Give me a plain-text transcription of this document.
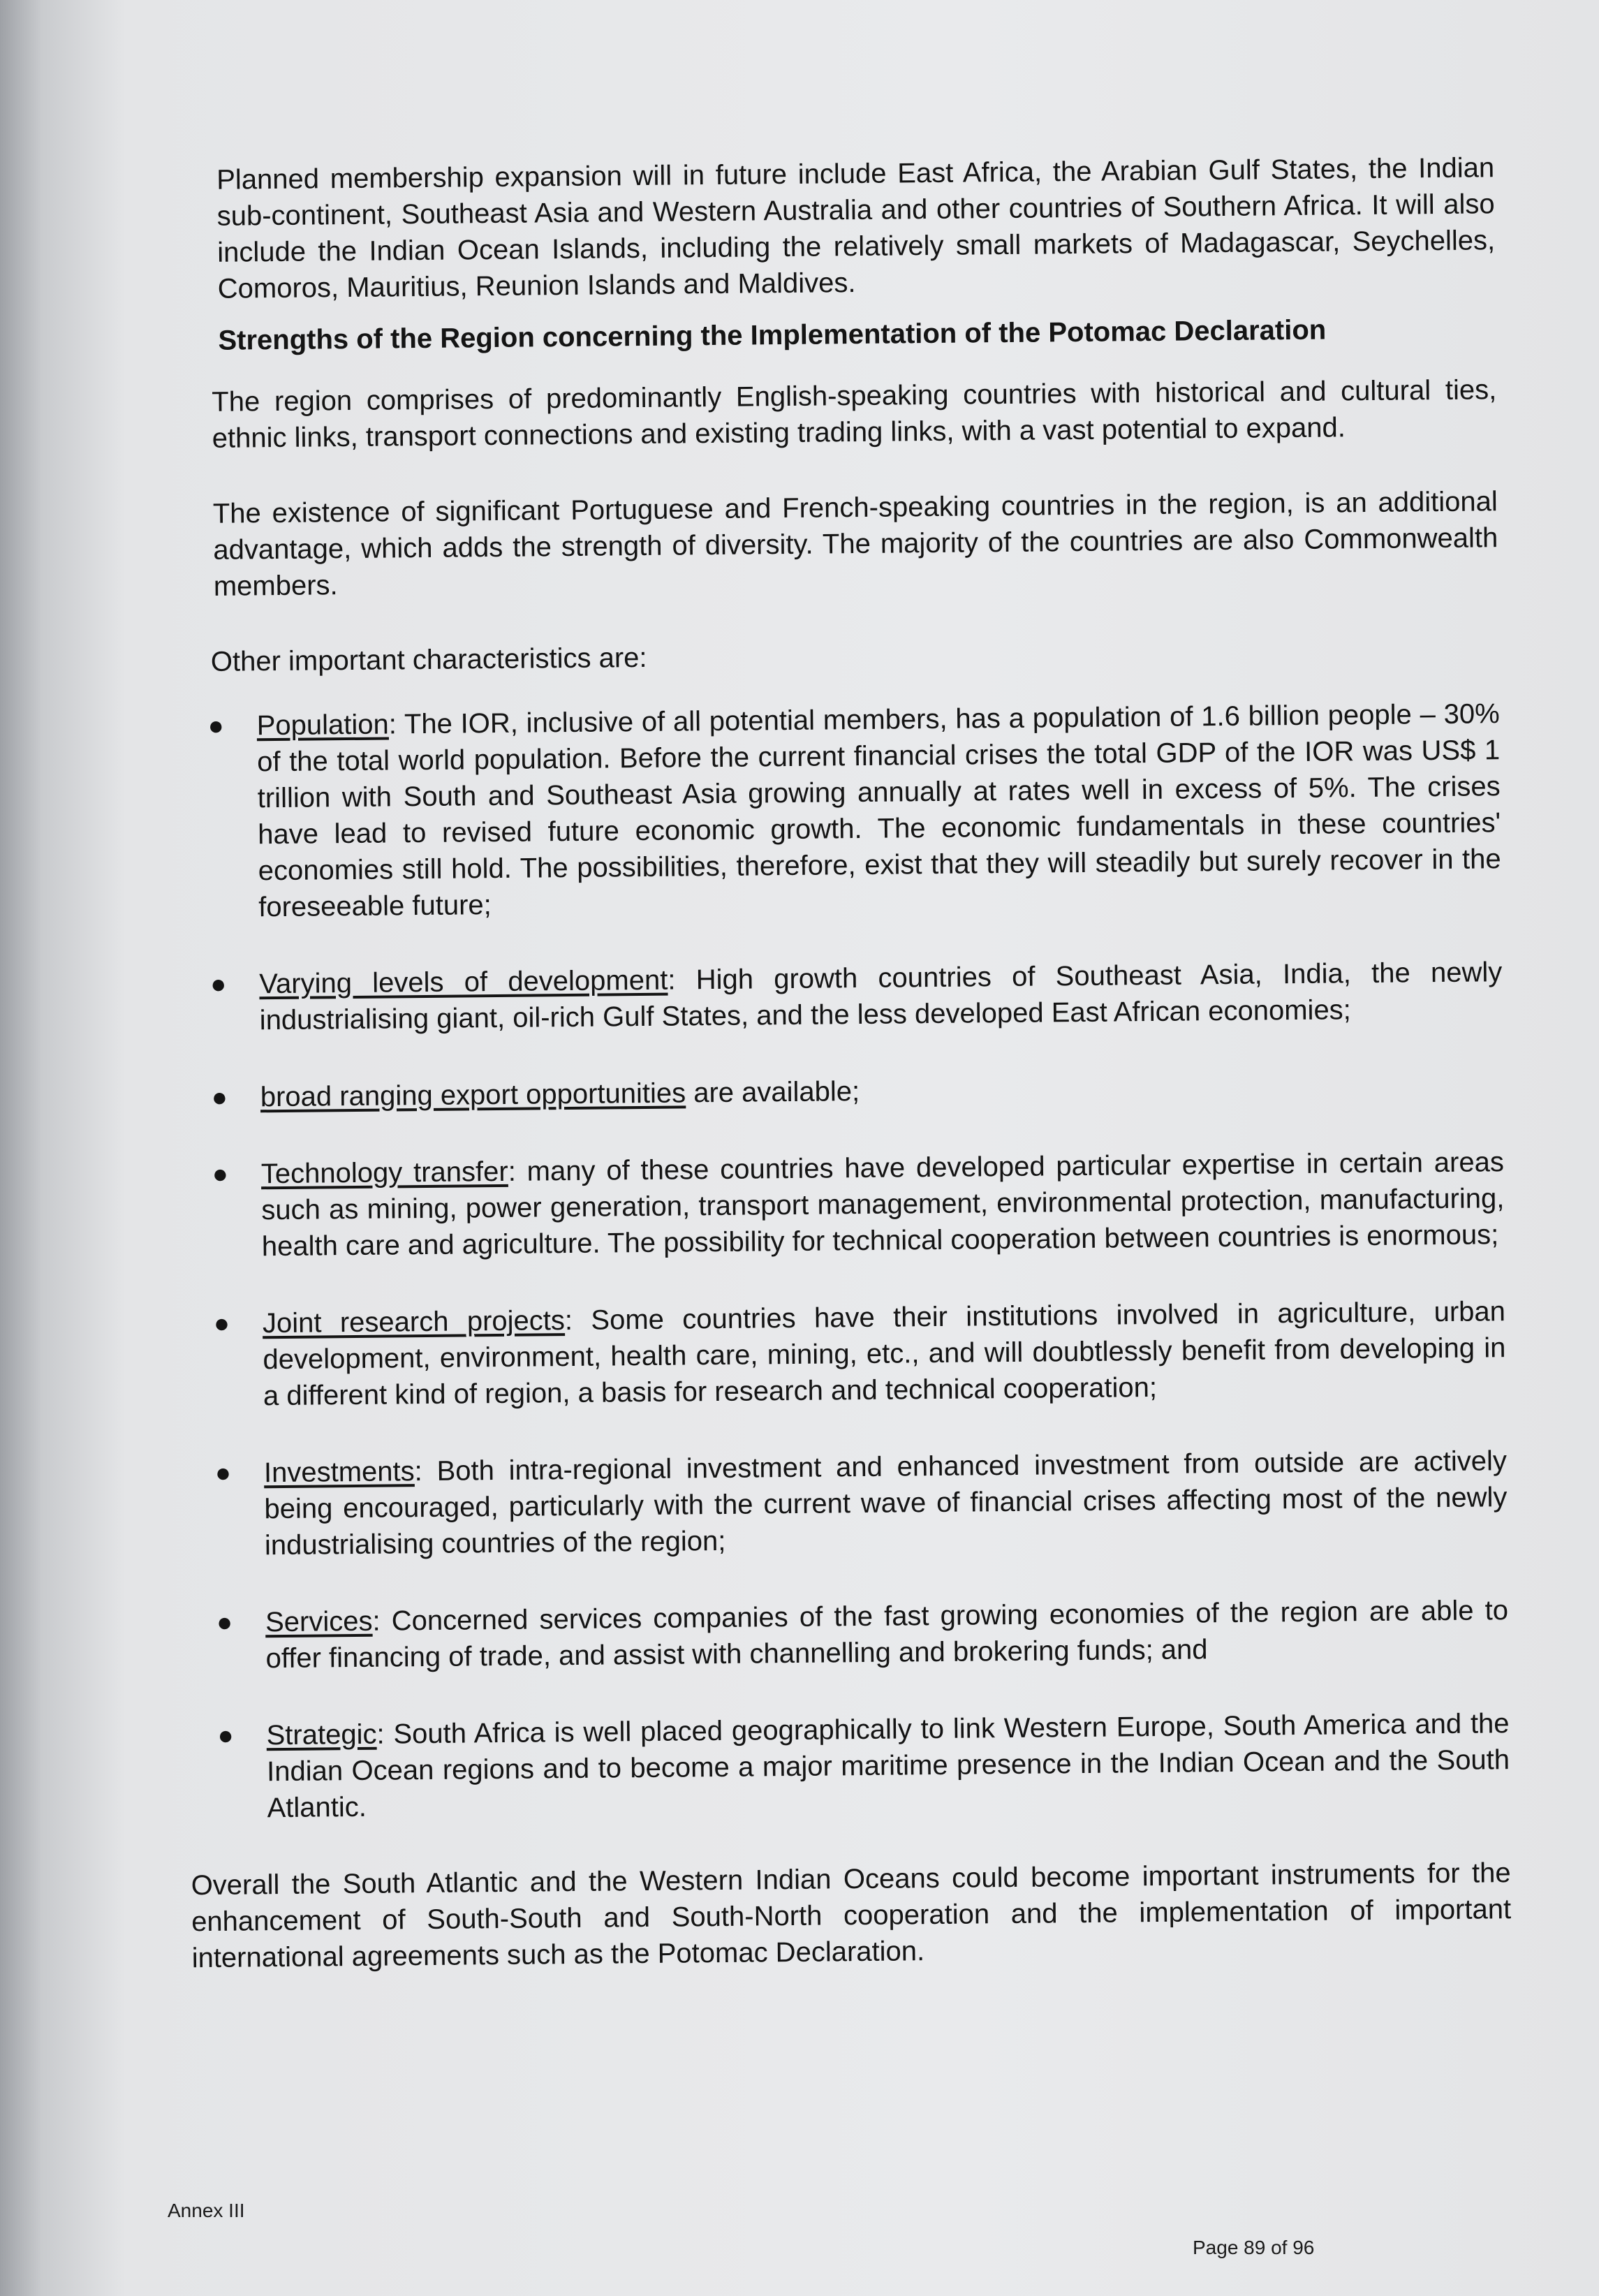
Planned membership expansion will in future include East Africa, the Arabian Gulf States, the Indian sub-continent, Southeast Asia and Western Australia and other countries of Southern Africa. It will also include the Indian Ocean Islands, including the relatively small markets of Madagascar, Seychelles, Comoros, Mauritius, Reunion Islands and Maldives.

Strengths of the Region concerning the Implementation of the Potomac Declaration

The region comprises of predominantly English-speaking countries with historical and cultural ties, ethnic links, transport connections and existing trading links, with a vast potential to expand.

The existence of significant Portuguese and French-speaking countries in the region, is an additional advantage, which adds the strength of diversity. The majority of the countries are also Commonwealth members.

Other important characteristics are:

● Population: The IOR, inclusive of all potential members, has a population of 1.6 billion people – 30% of the total world population. Before the current financial crises the total GDP of the IOR was US$ 1 trillion with South and Southeast Asia growing annually at rates well in excess of 5%. The crises have lead to revised future economic growth. The economic fundamentals in these countries' economies still hold. The possibilities, therefore, exist that they will steadily but surely recover in the foreseeable future;
● Varying levels of development: High growth countries of Southeast Asia, India, the newly industrialising giant, oil-rich Gulf States, and the less developed East African economies;
● broad ranging export opportunities are available;
● Technology transfer: many of these countries have developed particular expertise in certain areas such as mining, power generation, transport management, environmental protection, manufacturing, health care and agriculture. The possibility for technical cooperation between countries is enormous;
● Joint research projects: Some countries have their institutions involved in agriculture, urban development, environment, health care, mining, etc., and will doubtlessly benefit from developing in a different kind of region, a basis for research and technical cooperation;
● Investments: Both intra-regional investment and enhanced investment from outside are actively being encouraged, particularly with the current wave of financial crises affecting most of the newly industrialising countries of the region;
● Services: Concerned services companies of the fast growing economies of the region are able to offer financing of trade, and assist with channelling and brokering funds; and
● Strategic: South Africa is well placed geographically to link Western Europe, South America and the Indian Ocean regions and to become a major maritime presence in the Indian Ocean and the South Atlantic.

Overall the South Atlantic and the Western Indian Oceans could become important instruments for the enhancement of South-South and South-North cooperation and the implementation of important international agreements such as the Potomac Declaration.

Annex III
Page 89 of 96
